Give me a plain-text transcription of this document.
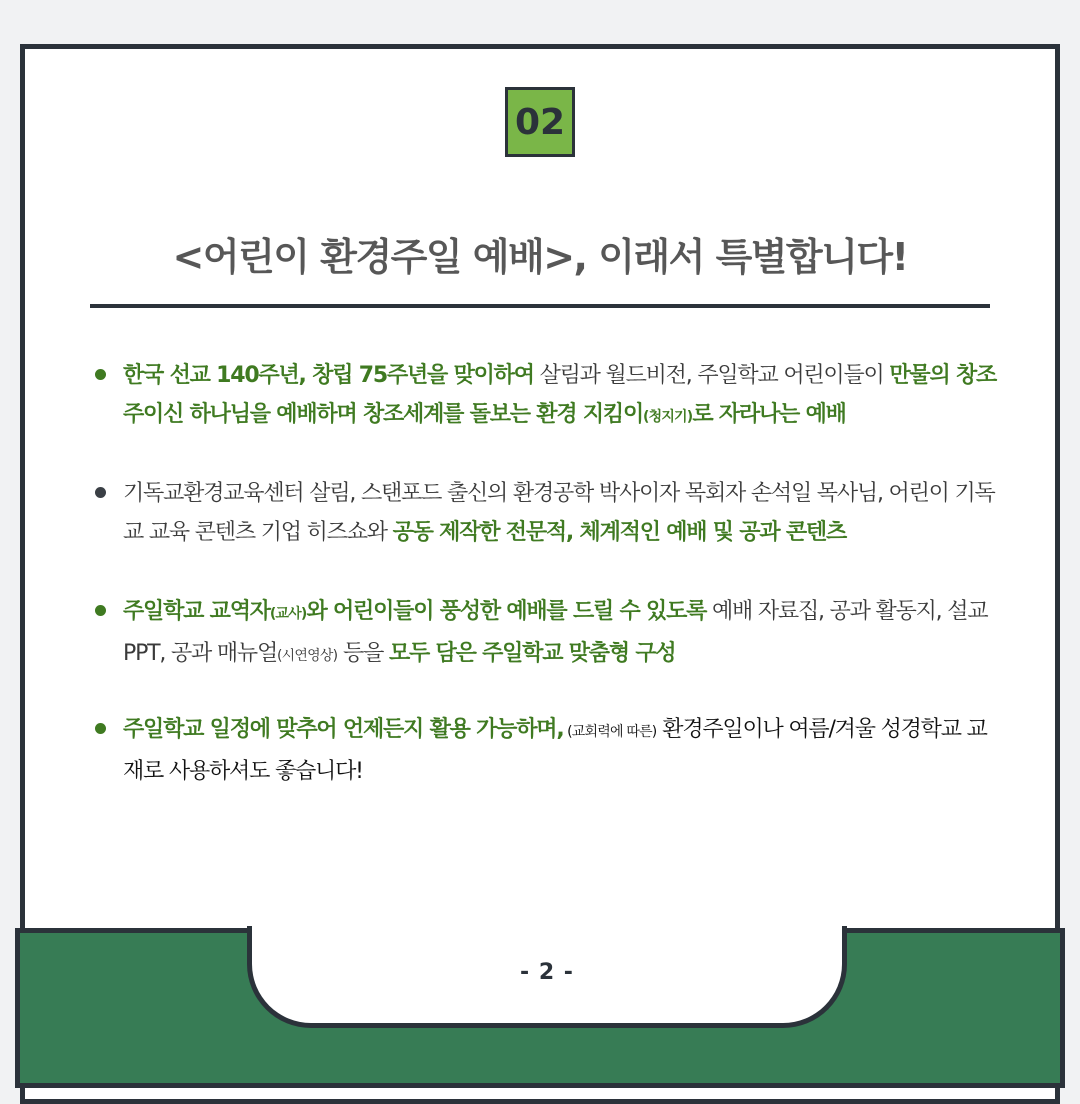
02
<어린이 환경주일 예배>, 이래서 특별합니다!
한국 선교 140주년, 창립 75주년을 맞이하여 살림과 월드비전, 주일학교 어린이들이 만물의 창조주이신 하나님을 예배하며 창조세계를 돌보는 환경 지킴이(청지기)로 자라나는 예배
기독교환경교육센터 살림, 스탠포드 출신의 환경공학 박사이자 목회자 손석일 목사님, 어린이 기독교 교육 콘텐츠 기업 히즈쇼와 공동 제작한 전문적, 체계적인 예배 및 공과 콘텐츠
주일학교 교역자(교사)와 어린이들이 풍성한 예배를 드릴 수 있도록 예배 자료집, 공과 활동지, 설교 PPT, 공과 매뉴얼(시연영상) 등을 모두 담은 주일학교 맞춤형 구성
주일학교 일정에 맞추어 언제든지 활용 가능하며, (교회력에 따른) 환경주일이나 여름/겨울 성경학교 교재로 사용하셔도 좋습니다!
- 2 -
